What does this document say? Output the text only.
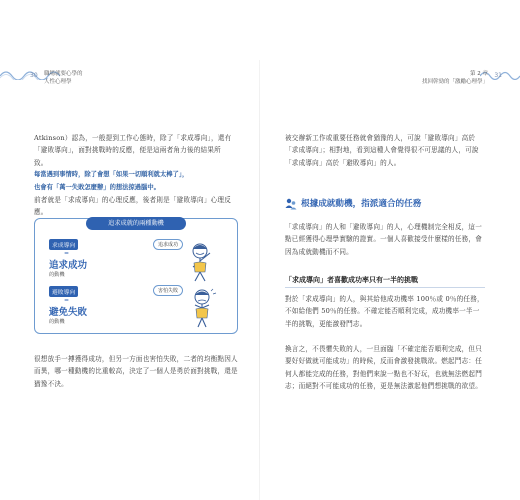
30 職場就要心學的
人性心理學
第 2 章
找回幹勁的「激勵心理學」
31

Atkinson）認為，一般提到工作心態時，除了「求成導向」，還有「避敗導向」，面對挑戰時的反應，便是這兩者角力後的結果所致。

每當遇到事情時，除了會想「如果一切順利就太棒了」，

也會有「萬一失敗怎麼辦」的想法掠過腦中。

前者就是「求成導向」的心理反應，後者則是「避敗導向」心理反應。

追求成就的兩種動機
求成導向
=
追求成功
的動機
避敗導向
=
避免失敗
的動機
追求成功
害怕失敗

很想放手一搏獲得成功，但另一方面也害怕失敗，二者的均衡點因人而異，哪一種動機的比重較高，決定了一個人是勇於面對挑戰，還是猶豫不決。

被交辦新工作或重要任務就會猶豫的人，可說「避敗導向」高於「求成導向」；相對地，看到這種人會覺得很不可思議的人，可說「求成導向」高於「避敗導向」的人。

根據成就動機，指派適合的任務

「求成導向」的人和「避敗導向」的人，心理機制完全相反，這一點已經獲得心理學實驗的證實。一個人喜歡接受什麼樣的任務，會因為成就動機而不同。

「求成導向」者喜歡成功率只有一半的挑戰

對於「求成導向」的人，與其給他成功機率 100％或 0％的任務，不如給他們 50％的任務。不確定能否順利完成，成功機率一半一半的挑戰，更能激發鬥志。

換言之，不畏懼失敗的人，一旦面臨「不確定能否順利完成，但只要好好做就可能成功」的時候，反而會激發挑戰欲。燃起鬥志：任何人都能完成的任務，對他們來說一點也不好玩，也就無法燃起鬥志；而絕對不可能成功的任務，更是無法激起他們想挑戰的欲望。
